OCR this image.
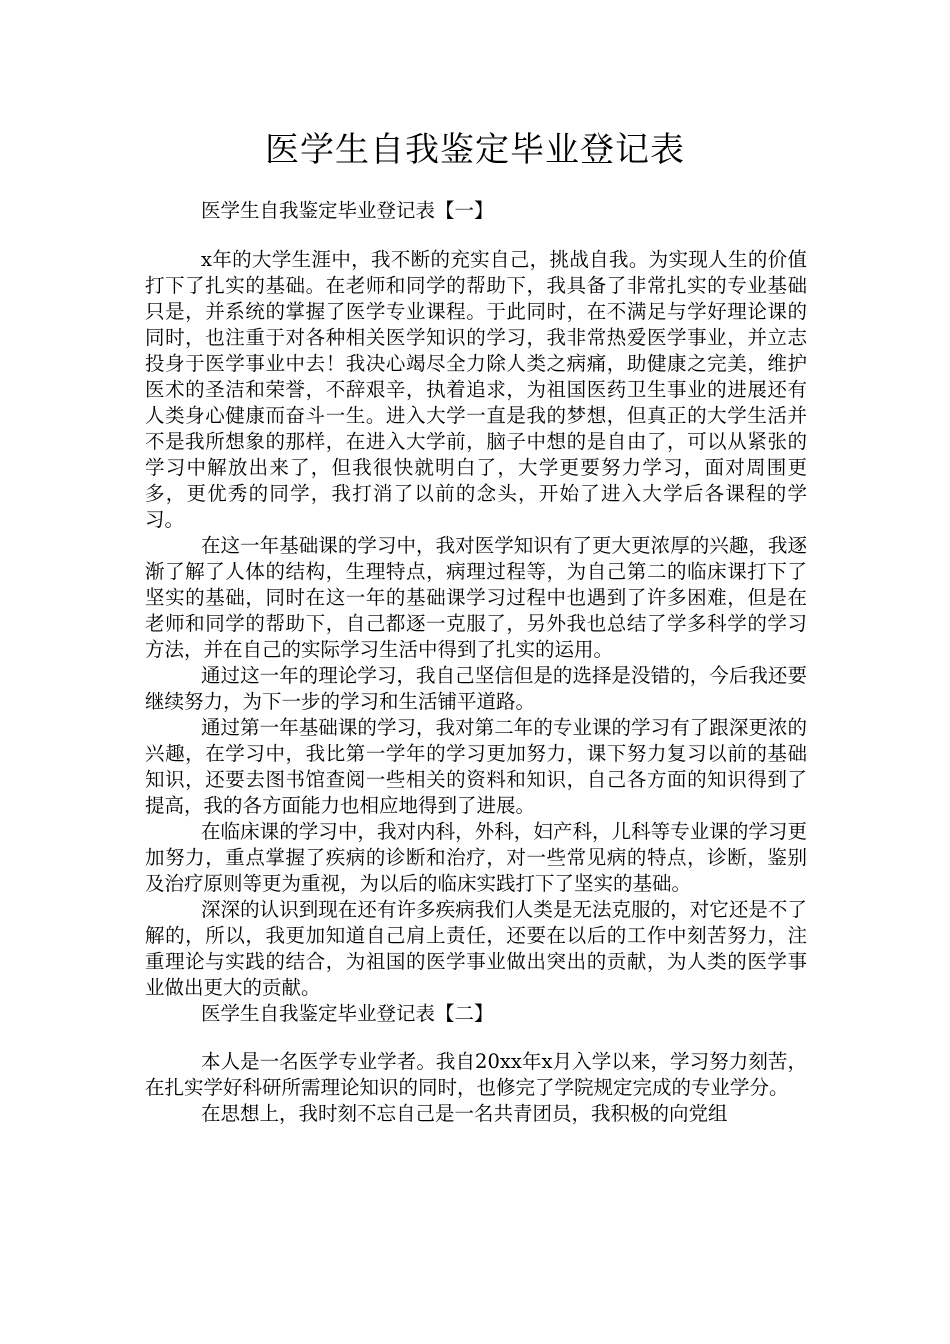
医学生自我鉴定毕业登记表
医学生自我鉴定毕业登记表【一】

x年的大学生涯中，我不断的充实自己，挑战自我。为实现人生的价值打下了扎实的基础。在老师和同学的帮助下，我具备了非常扎实的专业基础只是，并系统的掌握了医学专业课程。于此同时，在不满足与学好理论课的同时，也注重于对各种相关医学知识的学习，我非常热爱医学事业，并立志投身于医学事业中去！我决心竭尽全力除人类之病痛，助健康之完美，维护医术的圣洁和荣誉，不辞艰辛，执着追求，为祖国医药卫生事业的进展还有人类身心健康而奋斗一生。进入大学一直是我的梦想，但真正的大学生活并不是我所想象的那样，在进入大学前，脑子中想的是自由了，可以从紧张的学习中解放出来了，但我很快就明白了，大学更要努力学习，面对周围更多，更优秀的同学，我打消了以前的念头，开始了进入大学后各课程的学习。

在这一年基础课的学习中，我对医学知识有了更大更浓厚的兴趣，我逐渐了解了人体的结构，生理特点，病理过程等，为自己第二的临床课打下了坚实的基础，同时在这一年的基础课学习过程中也遇到了许多困难，但是在老师和同学的帮助下，自己都逐一克服了，另外我也总结了学多科学的学习方法，并在自己的实际学习生活中得到了扎实的运用。

通过这一年的理论学习，我自己坚信但是的选择是没错的，今后我还要继续努力，为下一步的学习和生活铺平道路。

通过第一年基础课的学习，我对第二年的专业课的学习有了跟深更浓的兴趣，在学习中，我比第一学年的学习更加努力，课下努力复习以前的基础知识，还要去图书馆查阅一些相关的资料和知识，自己各方面的知识得到了提高，我的各方面能力也相应地得到了进展。

在临床课的学习中，我对内科，外科，妇产科，儿科等专业课的学习更加努力，重点掌握了疾病的诊断和治疗，对一些常见病的特点，诊断，鉴别及治疗原则等更为重视，为以后的临床实践打下了坚实的基础。

深深的认识到现在还有许多疾病我们人类是无法克服的，对它还是不了解的，所以，我更加知道自己肩上责任，还要在以后的工作中刻苦努力，注重理论与实践的结合，为祖国的医学事业做出突出的贡献，为人类的医学事业做出更大的贡献。

医学生自我鉴定毕业登记表【二】

本人是一名医学专业学者。我自20xx年x月入学以来，学习努力刻苦，在扎实学好科研所需理论知识的同时，也修完了学院规定完成的专业学分。

在思想上，我时刻不忘自己是一名共青团员，我积极的向党组
